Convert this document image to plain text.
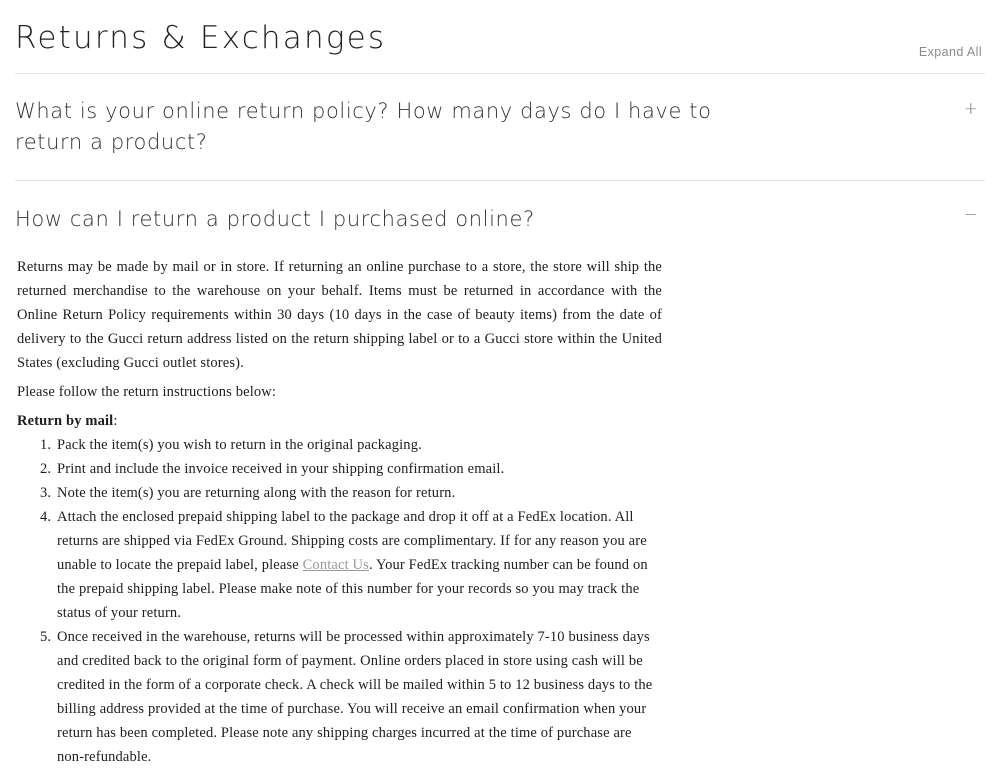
Returns & Exchanges	Expand All
What is your online return policy? How many days do I have to return a product?
+
How can I return a product I purchased online?	−

Returns may be made by mail or in store. If returning an online purchase to a store, the store will ship the returned merchandise to the warehouse on your behalf. Items must be returned in accordance with the Online Return Policy requirements within 30 days (10 days in the case of beauty items) from the date of delivery to the Gucci return address listed on the return shipping label or to a Gucci store within the United States (excluding Gucci outlet stores).

Please follow the return instructions below:

Return by mail:
Pack the item(s) you wish to return in the original packaging.
Print and include the invoice received in your shipping confirmation email.
Note the item(s) you are returning along with the reason for return.
Attach the enclosed prepaid shipping label to the package and drop it off at a FedEx location. All returns are shipped via FedEx Ground. Shipping costs are complimentary. If for any reason you are unable to locate the prepaid label, please Contact Us. Your FedEx tracking number can be found on the prepaid shipping label. Please make note of this number for your records so you may track the status of your return.
Once received in the warehouse, returns will be processed within approximately 7-10 business days and credited back to the original form of payment. Online orders placed in store using cash will be credited in the form of a corporate check. A check will be mailed within 5 to 12 business days to the billing address provided at the time of purchase. You will receive an email confirmation when your return has been completed. Please note any shipping charges incurred at the time of purchase are non-refundable.
